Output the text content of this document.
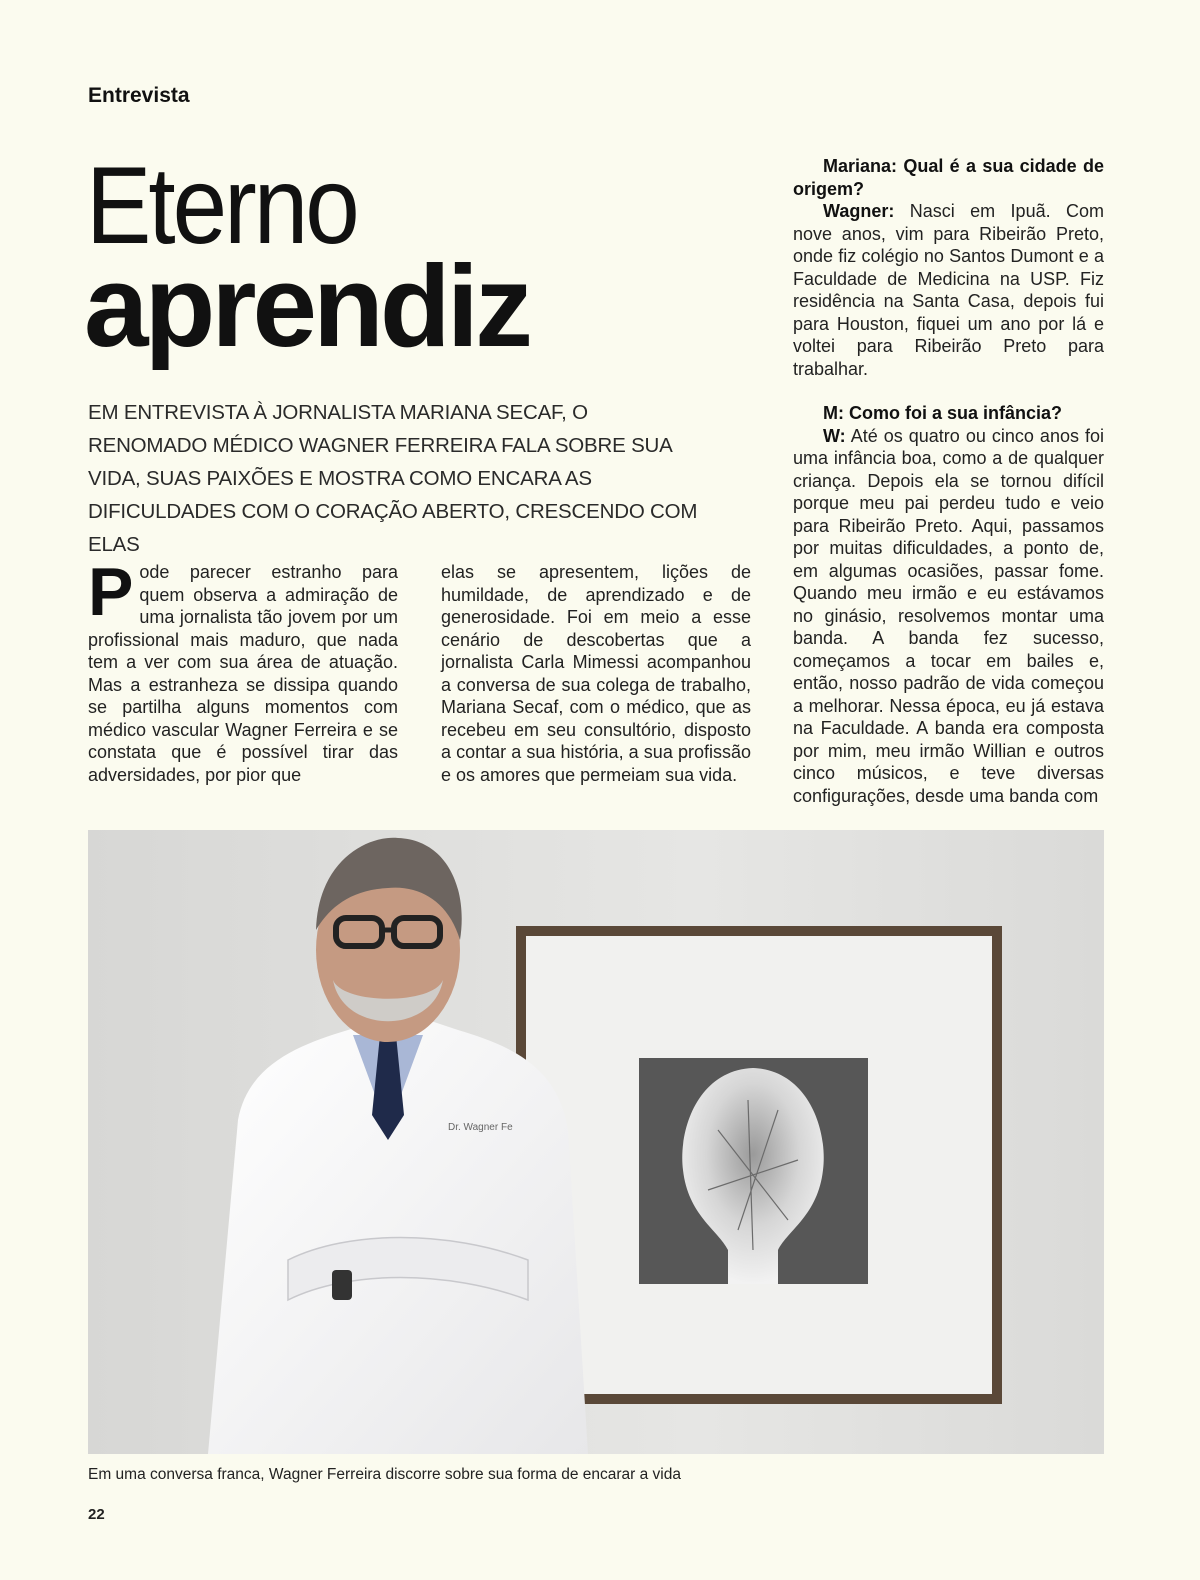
Entrevista
Eterno
aprendiz
EM ENTREVISTA À JORNALISTA MARIANA SECAF, O RENOMADO MÉDICO WAGNER FERREIRA FALA SOBRE SUA VIDA, SUAS PAIXÕES E MOSTRA COMO ENCARA AS DIFICULDADES COM O CORAÇÃO ABERTO, CRESCENDO COM ELAS
Pode parecer estranho para quem observa a admiração de uma jornalista tão jovem por um profissional mais maduro, que nada tem a ver com sua área de atuação. Mas a estranheza se dissipa quando se partilha alguns momentos com médico vascular Wagner Ferreira e se constata que é possível tirar das adversidades, por pior que
elas se apresentem, lições de humildade, de aprendizado e de generosidade. Foi em meio a esse cenário de descobertas que a jornalista Carla Mimessi acompanhou a conversa de sua colega de trabalho, Mariana Secaf, com o médico, que as recebeu em seu consultório, disposto a contar a sua história, a sua profissão e os amores que permeiam sua vida.

Mariana: Qual é a sua cidade de origem?

Wagner: Nasci em Ipuã. Com nove anos, vim para Ribeirão Preto, onde fiz colégio no Santos Dumont e a Faculdade de Medicina na USP. Fiz residência na Santa Casa, depois fui para Houston, fiquei um ano por lá e voltei para Ribeirão Preto para trabalhar.

M: Como foi a sua infância?

W: Até os quatro ou cinco anos foi uma infância boa, como a de qualquer criança. Depois ela se tornou difícil porque meu pai perdeu tudo e veio para Ribeirão Preto. Aqui, passamos por muitas dificuldades, a ponto de, em algumas ocasiões, passar fome. Quando meu irmão e eu estávamos no ginásio, resolvemos montar uma banda. A banda fez sucesso, começamos a tocar em bailes e, então, nosso padrão de vida começou a melhorar. Nessa época, eu já estava na Faculdade. A banda era composta por mim, meu irmão Willian e outros cinco músicos, e teve diversas configurações, desde uma banda com

Dr. Wagner Fe
Em uma conversa franca, Wagner Ferreira discorre sobre sua forma de encarar a vida
22
